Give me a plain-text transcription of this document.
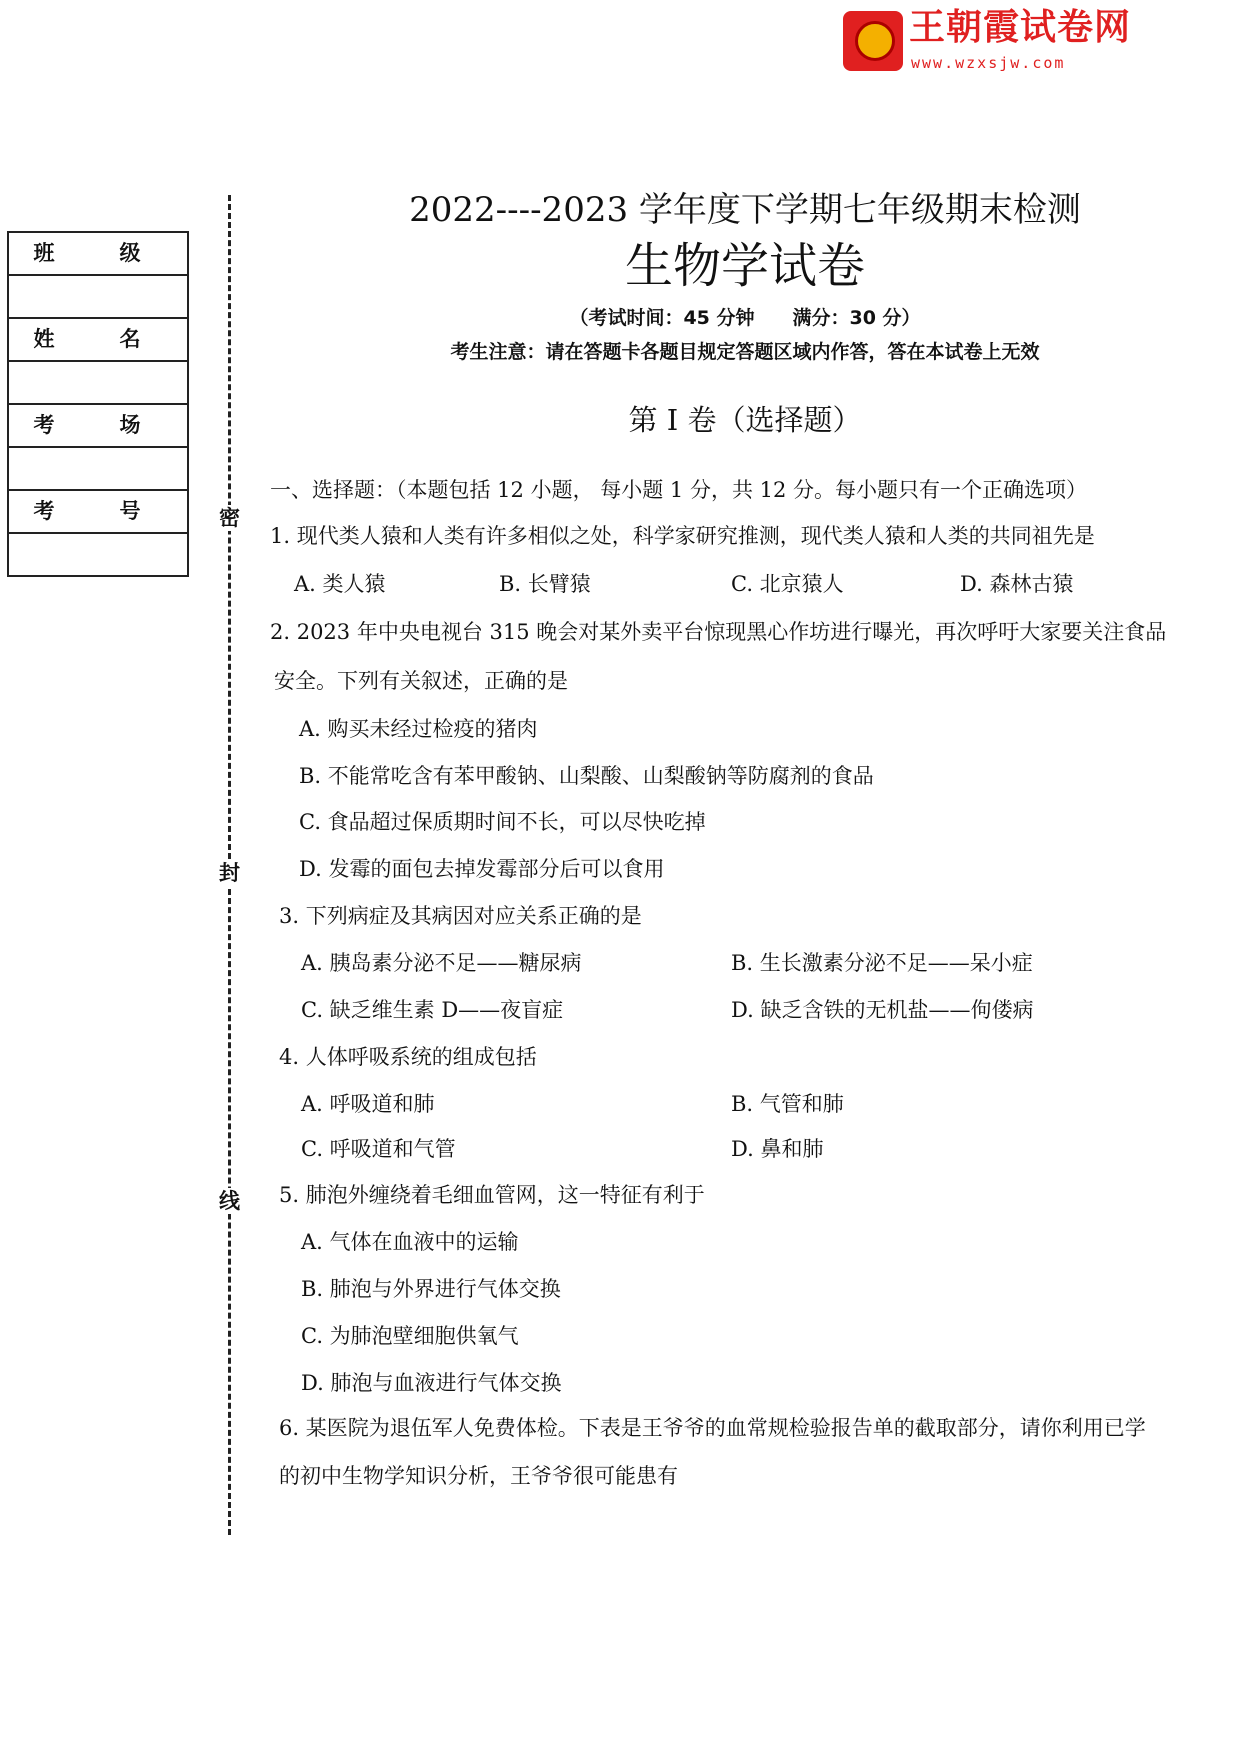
王朝霞试卷网
www.wzxsjw.com
班　级
姓　名
考　场
考　号	密
封
线
2022----2023 学年度下学期七年级期末检测
生物学试卷
（考试时间：45 分钟　　满分：30 分）
考生注意：请在答题卡各题目规定答题区域内作答，答在本试卷上无效
第 I 卷（选择题）
一、选择题：（本题包括 12 小题， 每小题 1 分，共 12 分。每小题只有一个正确选项）
1. 现代类人猿和人类有许多相似之处，科学家研究推测，现代类人猿和人类的共同祖先是
A. 类人猿	B. 长臂猿	C. 北京猿人	D. 森林古猿
2. 2023 年中央电视台 315 晚会对某外卖平台惊现黑心作坊进行曝光，再次呼吁大家要关注食品
安全。下列有关叙述，正确的是
A. 购买未经过检疫的猪肉
B. 不能常吃含有苯甲酸钠、山梨酸、山梨酸钠等防腐剂的食品
C. 食品超过保质期时间不长，可以尽快吃掉
D. 发霉的面包去掉发霉部分后可以食用
3. 下列病症及其病因对应关系正确的是
A. 胰岛素分泌不足——糖尿病	B. 生长激素分泌不足——呆小症
C. 缺乏维生素 D——夜盲症	D. 缺乏含铁的无机盐——佝偻病
4. 人体呼吸系统的组成包括
A. 呼吸道和肺	B. 气管和肺
C. 呼吸道和气管	D. 鼻和肺
5. 肺泡外缠绕着毛细血管网，这一特征有利于
A. 气体在血液中的运输
B. 肺泡与外界进行气体交换
C. 为肺泡壁细胞供氧气
D. 肺泡与血液进行气体交换
6. 某医院为退伍军人免费体检。下表是王爷爷的血常规检验报告单的截取部分，请你利用已学
的初中生物学知识分析，王爷爷很可能患有
